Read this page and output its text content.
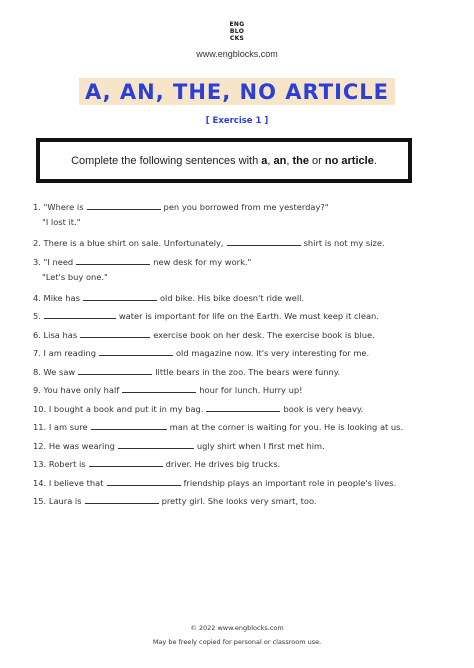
ENG
BLO
CKS
www.engblocks.com
A, AN, THE, NO ARTICLE
[ Exercise 1 ]
Complete the following sentences with a, an, the or no article.
1. "Where is	pen you borrowed from me yesterday?"
"I lost it."
2. There is a blue shirt on sale. Unfortunately,	shirt is not my size.
3. "I need	new desk for my work."
"Let's buy one."
4. Mike has	old bike. His bike doesn't ride well.
5.	water is important for life on the Earth. We must keep it clean.
6. Lisa has	exercise book on her desk. The exercise book is blue.
7. I am reading	old magazine now. It's very interesting for me.
8. We saw	little bears in the zoo. The bears were funny.
9. You have only half	hour for lunch. Hurry up!
10. I bought a book and put it in my bag.	book is very heavy.
11. I am sure	man at the corner is waiting for you. He is looking at us.
12. He was wearing	ugly shirt when I first met him.
13. Robert is	driver. He drives big trucks.
14. I believe that	friendship plays an important role in people's lives.
15. Laura is	pretty girl. She looks very smart, too.
© 2022 www.engblocks.com
May be freely copied for personal or classroom use.
